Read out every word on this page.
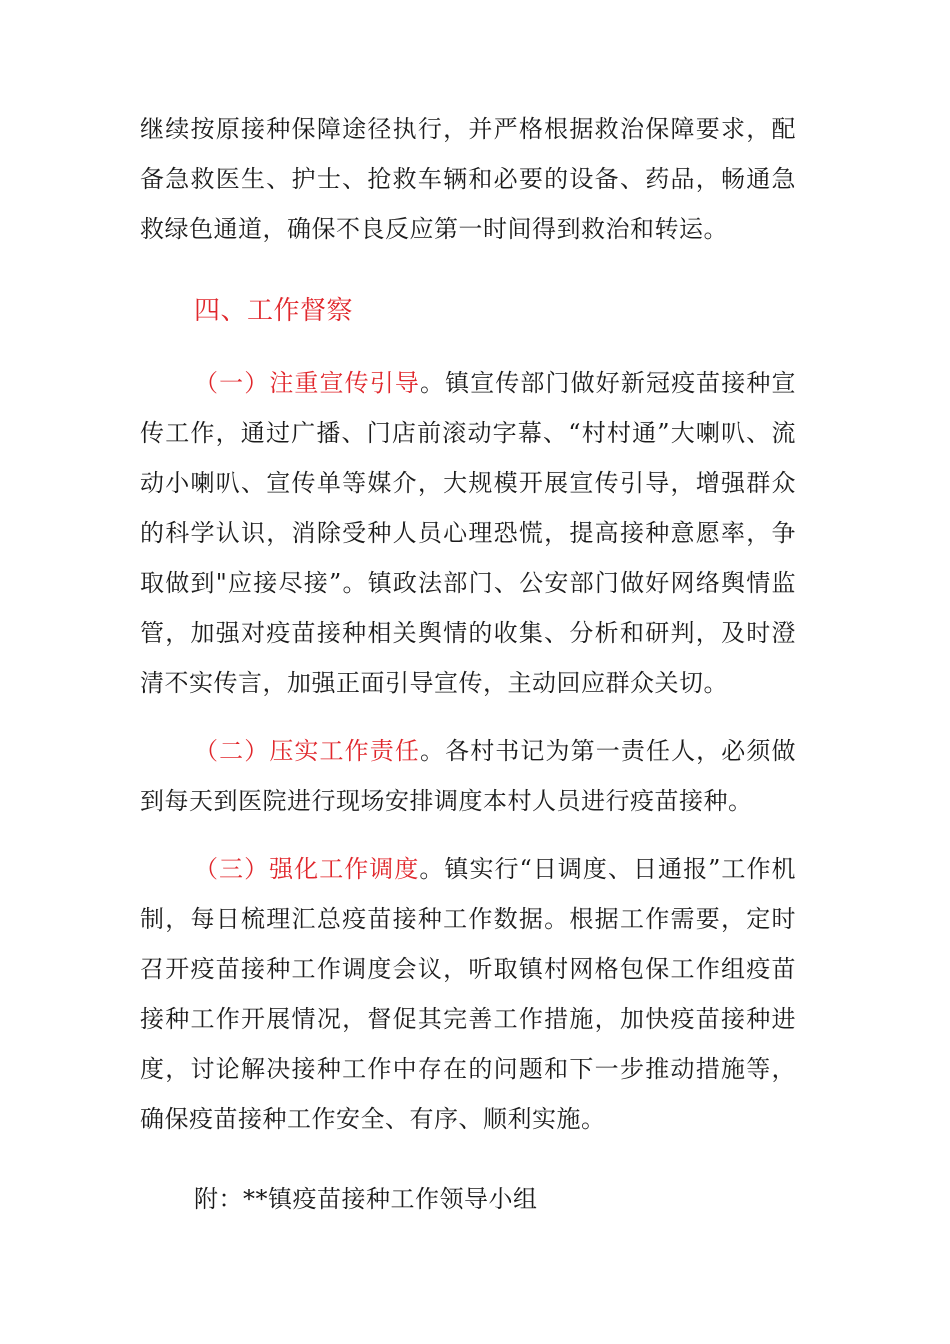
继续按原接种保障途径执行，并严格根据救治保障要求，配备急救医生、护士、抢救车辆和必要的设备、药品，畅通急救绿色通道，确保不良反应第一时间得到救治和转运。

四、工作督察

（一）注重宣传引导。镇宣传部门做好新冠疫苗接种宣传工作，通过广播、门店前滚动字幕、“村村通”大喇叭、流动小喇叭、宣传单等媒介，大规模开展宣传引导，增强群众的科学认识，消除受种人员心理恐慌，提高接种意愿率，争取做到"应接尽接”。镇政法部门、公安部门做好网络舆情监管，加强对疫苗接种相关舆情的收集、分析和研判，及时澄清不实传言，加强正面引导宣传，主动回应群众关切。

（二）压实工作责任。各村书记为第一责任人，必须做到每天到医院进行现场安排调度本村人员进行疫苗接种。

（三）强化工作调度。镇实行“日调度、日通报”工作机制，每日梳理汇总疫苗接种工作数据。根据工作需要，定时召开疫苗接种工作调度会议，听取镇村网格包保工作组疫苗接种工作开展情况，督促其完善工作措施，加快疫苗接种进度，讨论解决接种工作中存在的问题和下一步推动措施等，确保疫苗接种工作安全、有序、顺利实施。

附：**镇疫苗接种工作领导小组
